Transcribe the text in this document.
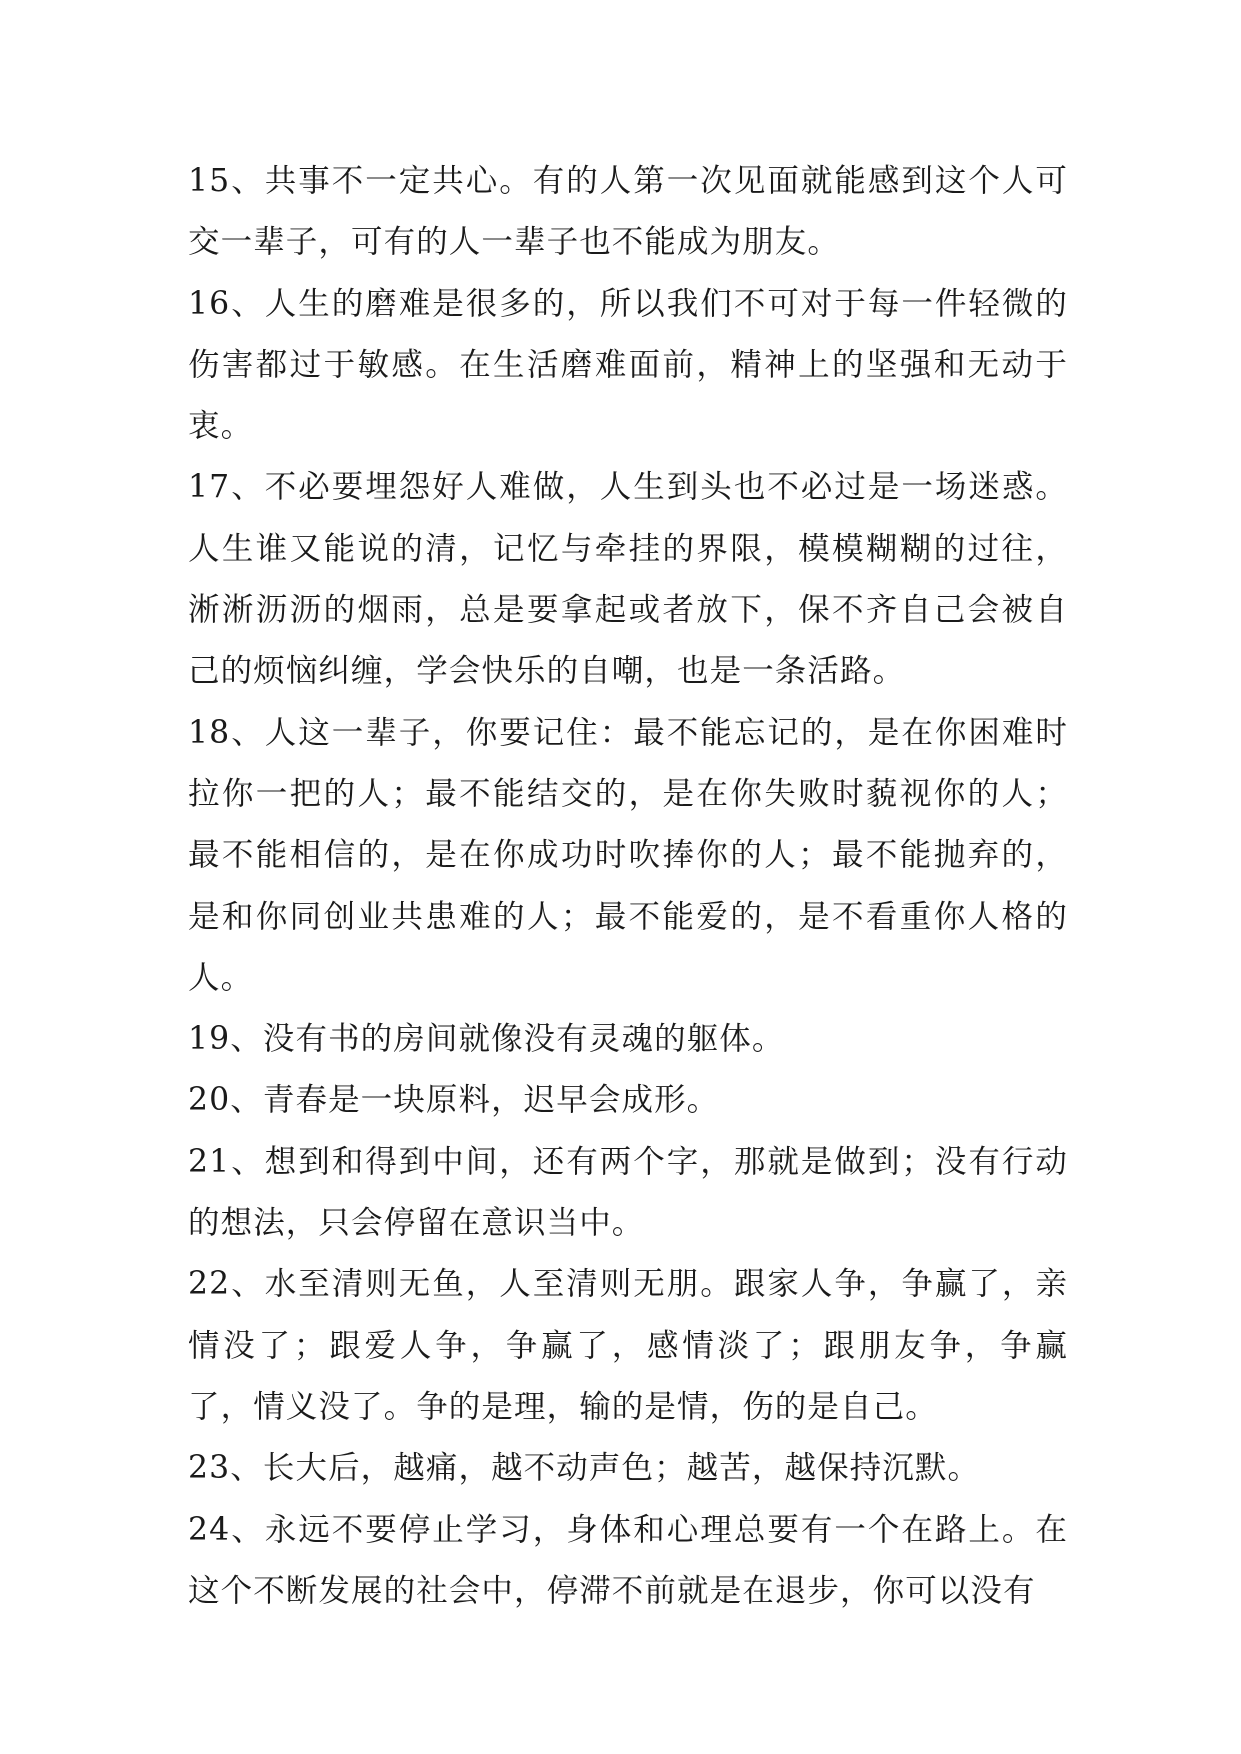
15、共事不一定共心。有的人第一次见面就能感到这个人可交一辈子，可有的人一辈子也不能成为朋友。

16、人生的磨难是很多的，所以我们不可对于每一件轻微的伤害都过于敏感。在生活磨难面前，精神上的坚强和无动于衷。

17、不必要埋怨好人难做，人生到头也不必过是一场迷惑。人生谁又能说的清，记忆与牵挂的界限，模模糊糊的过往，淅淅沥沥的烟雨，总是要拿起或者放下，保不齐自己会被自己的烦恼纠缠，学会快乐的自嘲，也是一条活路。

18、人这一辈子，你要记住：最不能忘记的，是在你困难时拉你一把的人；最不能结交的，是在你失败时藐视你的人；最不能相信的，是在你成功时吹捧你的人；最不能抛弃的，是和你同创业共患难的人；最不能爱的，是不看重你人格的人。

19、没有书的房间就像没有灵魂的躯体。

20、青春是一块原料，迟早会成形。

21、想到和得到中间，还有两个字，那就是做到；没有行动的想法，只会停留在意识当中。

22、水至清则无鱼，人至清则无朋。跟家人争，争赢了，亲情没了；跟爱人争，争赢了，感情淡了；跟朋友争，争赢了，情义没了。争的是理，输的是情，伤的是自己。

23、长大后，越痛，越不动声色；越苦，越保持沉默。

24、永远不要停止学习，身体和心理总要有一个在路上。在这个不断发展的社会中，停滞不前就是在退步，你可以没有
